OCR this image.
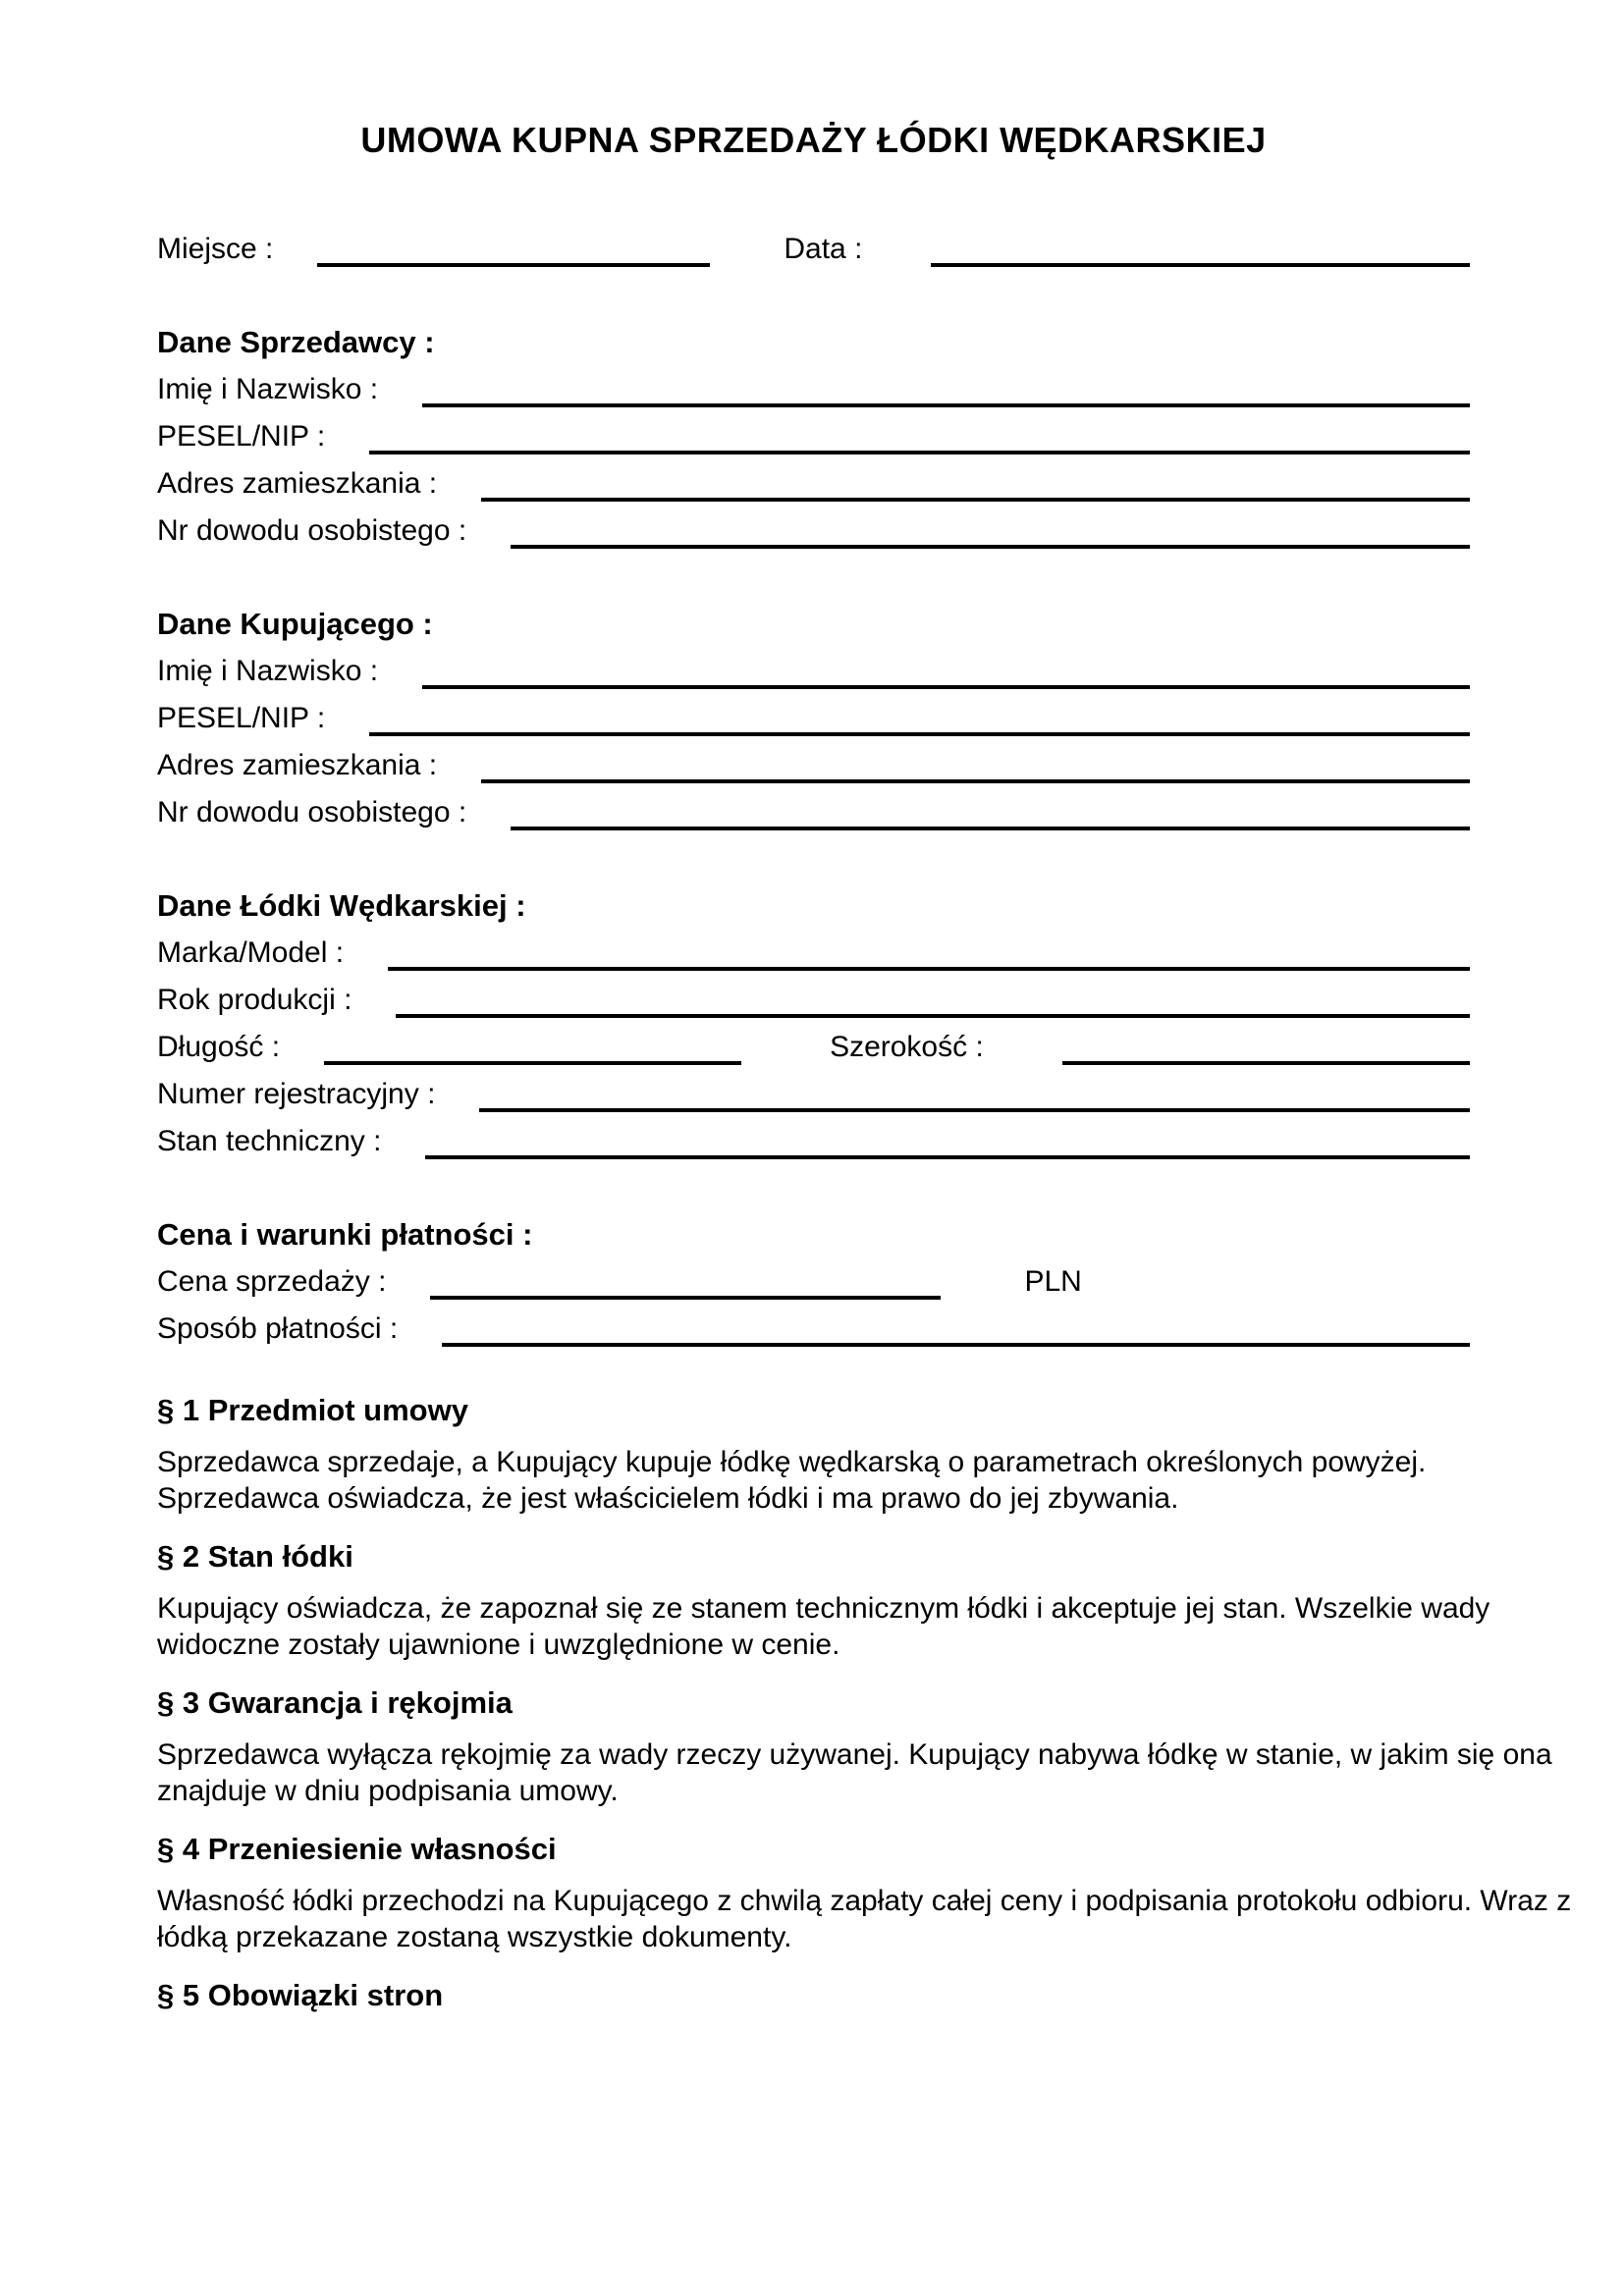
UMOWA KUPNA SPRZEDAŻY ŁÓDKI WĘDKARSKIEJ
Miejsce :	Data :
Dane Sprzedawcy :
Imię i Nazwisko :
PESEL/NIP :
Adres zamieszkania :
Nr dowodu osobistego :
Dane Kupującego :
Imię i Nazwisko :
PESEL/NIP :
Adres zamieszkania :
Nr dowodu osobistego :
Dane Łódki Wędkarskiej :
Marka/Model :
Rok produkcji :
Długość :	Szerokość :
Numer rejestracyjny :
Stan techniczny :
Cena i warunki płatności :
Cena sprzedaży :	PLN
Sposób płatności :
§ 1 Przedmiot umowy
Sprzedawca sprzedaje, a Kupujący kupuje łódkę wędkarską o parametrach określonych powyżej.
Sprzedawca oświadcza, że jest właścicielem łódki i ma prawo do jej zbywania.
§ 2 Stan łódki
Kupujący oświadcza, że zapoznał się ze stanem technicznym łódki i akceptuje jej stan. Wszelkie wady
widoczne zostały ujawnione i uwzględnione w cenie.
§ 3 Gwarancja i rękojmia
Sprzedawca wyłącza rękojmię za wady rzeczy używanej. Kupujący nabywa łódkę w stanie, w jakim się ona
znajduje w dniu podpisania umowy.
§ 4 Przeniesienie własności
Własność łódki przechodzi na Kupującego z chwilą zapłaty całej ceny i podpisania protokołu odbioru. Wraz z
łódką przekazane zostaną wszystkie dokumenty.
§ 5 Obowiązki stron
